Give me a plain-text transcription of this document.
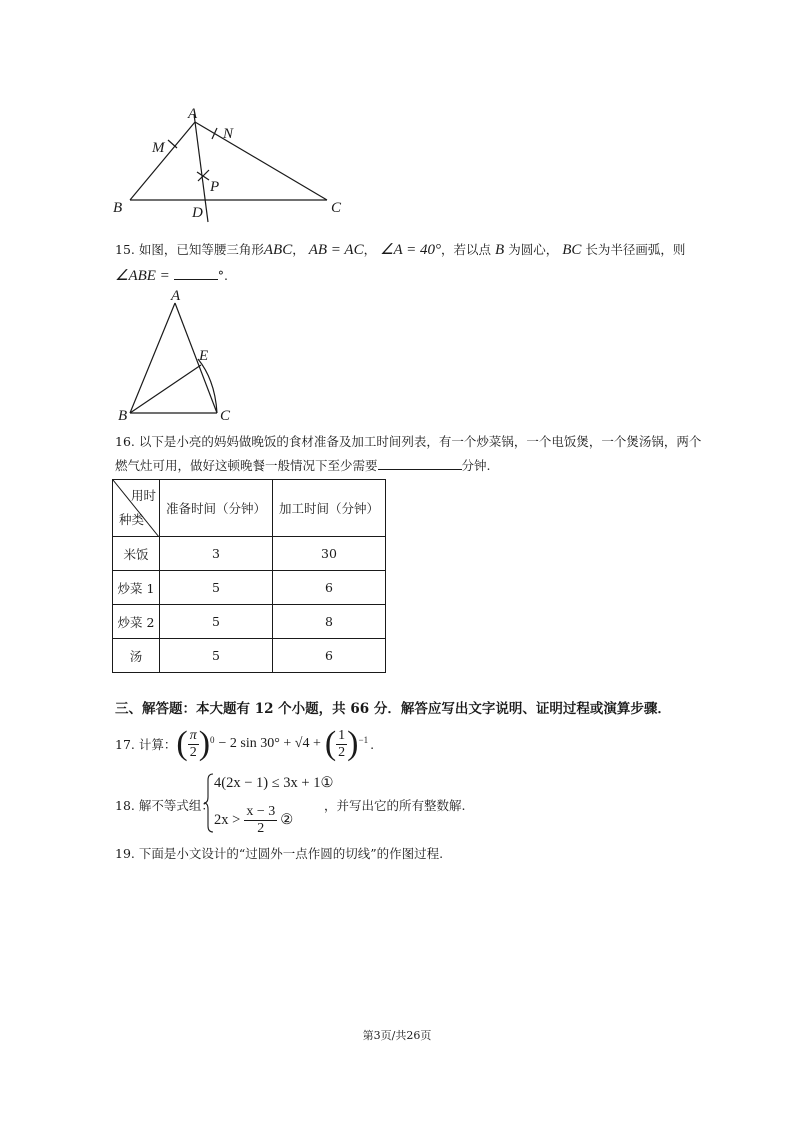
A
M
N
P
B	D	C
15. 如图，已知等腰三角形ABC， AB = AC， ∠A = 40°，若以点 B 为圆心， BC 长为半径画弧，则
∠ABE =	°.
A
E
B	C
16. 以下是小亮的妈妈做晚饭的食材准备及加工时间列表，有一个炒菜锅，一个电饭煲，一个煲汤锅，两个
燃气灶可用，做好这顿晚餐一般情况下至少需要	分钟.
用时
种类	准备时间（分钟）	加工时间（分钟）
米饭	3	30
炒菜 1	5	6
炒菜 2	5	8
汤	5	6
三、解答题：本大题有 12 个小题，共 66 分．解答应写出文字说明、证明过程或演算步骤．
17. 计算： ( $\frac{\pi}{2}$ ) 0 − 2 sin 30° + √4 + ( $\frac{1}{2}$ ) −1 .
18. 解不等式组：
4(2x − 1) ≤ 3x + 1①
$2x > \frac{x - 3}{2}$ ②
，并写出它的所有整数解.
19. 下面是小文设计的“过圆外一点作圆的切线”的作图过程.
第3页/共26页
